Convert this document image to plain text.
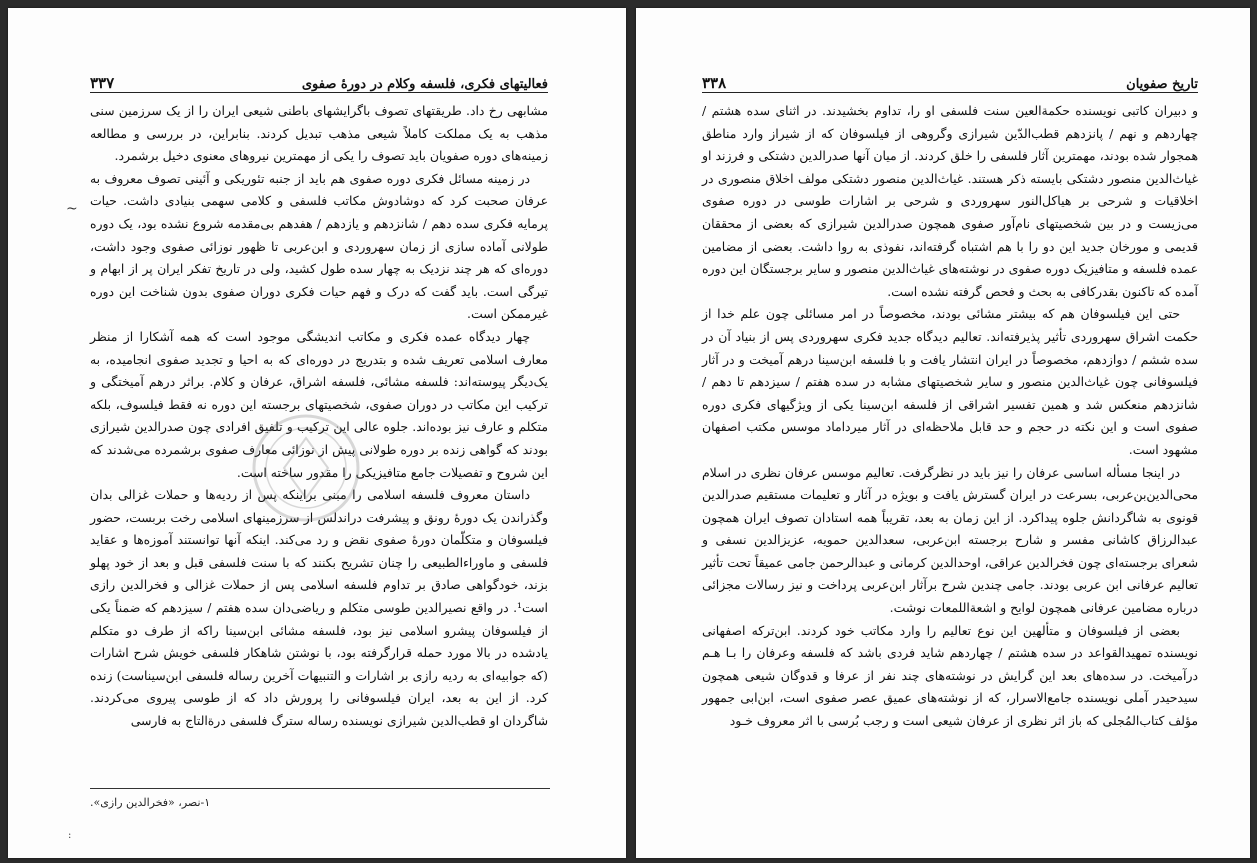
فعالیتهای فکری، فلسفه وکلام در دورهٔ صفوی
۳۳۷

مشابهی رخ داد. طریقتهای تصوف باگرایشهای باطنی شیعی ایران را از یک سرزمین سنی مذهب به یک مملکت کاملاً شیعی مذهب تبدیل کردند. بنابراین، در بررسی و مطالعه زمینه‌های دوره صفویان باید تصوف را یکی از مهمترین نیروهای معنوی دخیل برشمرد.

در زمینه مسائل فکری دوره صفوی هم باید از جنبه تئوریکی و آئینی تصوف معروف به عرفان صحبت کرد که دوشادوش مکاتب فلسفی و کلامی سهمی بنیادی داشت. حیات پرمایه فکری سده دهم / شانزدهم و یازدهم / هفدهم بی‌مقدمه شروع نشده بود، یک دوره طولانی آماده سازی از زمان سهروردی و ابن‌عربی تا ظهور نوزائی صفوی وجود داشت، دوره‌ای که هر چند نزدیک به چهار سده طول کشید، ولی در تاریخ تفکر ایران پر از ابهام و تیرگی است. باید گفت که درک و فهم حیات فکری دوران صفوی بدون شناخت این دوره غیرممکن است.

چهار دیدگاه عمده فکری و مکاتب اندیشگی موجود است که همه آشکارا از منظر معارف اسلامی تعریف شده و بتدریج در دوره‌ای که به احیا و تجدید صفوی انجامیده، به یک‌دیگر پیوسته‌اند: فلسفه مشائی، فلسفه اشراق، عرفان و کلام. براثر درهم آمیختگی و ترکیب این مکاتب در دوران صفوی، شخصیتهای برجسته این دوره نه فقط فیلسوف، بلکه متکلم و عارف نیز بوده‌اند. جلوه عالی این ترکیب و تلفیق افرادی چون صدرالدین شیرازی بودند که گواهی زنده بر دوره طولانی پیش از نوزائی معارف صفوی برشمرده می‌شدند که این شروح و تفصیلات جامع متافیزیکی را مقدور ساخته است.

داستان معروف فلسفه اسلامی را مبنی براینکه پس از ردیه‌ها و حملات غزالی بدان وگذراندن یک دورهٔ رونق و پیشرفت دراندلس از سرزمینهای اسلامی رخت بربست، حضور فیلسوفان و متکلّمان دورهٔ صفوی نقض و رد می‌کند. اینکه آنها توانستند آموزه‌ها و عقاید فلسفی و ماوراءالطبیعی را چنان تشریح بکنند که با سنت فلسفی قبل و بعد از خود پهلو بزند، خودگواهی صادق بر تداوم فلسفه اسلامی پس از حملات غزالی و فخرالدین رازی است¹. در واقع نصیرالدین طوسی متکلم و ریاضی‌دان سده هفتم / سیزدهم که ضمناً یکی از فیلسوفان پیشرو اسلامی نیز بود، فلسفه مشائی ابن‌سینا راکه از طرف دو متکلم یادشده در بالا مورد حمله قرارگرفته بود، با نوشتن شاهکار فلسفی خویش شرح اشارات (که جوابیه‌ای به ردیه رازی بر اشارات و التنبیهات آخرین رساله فلسفی ابن‌سیناست) زنده کرد. از این به بعد، ایران فیلسوفانی را پرورش داد که از طوسی پیروی می‌کردند. شاگردان او قطب‌الدین شیرازی نویسنده رساله سترگ فلسفی درةالتاج به فارسی

۱-نصر، «فخرالدین رازی».
~
:
تاریخ صفویان
۳۳۸

و دبیران کاتبی نویسنده حکمةالعین سنت فلسفی او را، تداوم بخشیدند. در اثنای سده هشتم / چهاردهم و نهم / پانزدهم قطب‌الدّین شیرازی وگروهی از فیلسوفان که از شیراز وارد مناطق همجوار شده بودند، مهمترین آثار فلسفی را خلق کردند. از میان آنها صدرالدین دشتکی و فرزند او غیاث‌الدین منصور دشتکی بایسته ذکر هستند. غیاث‌الدین منصور دشتکی مولف اخلاق منصوری در اخلاقیات و شرحی بر هیاکل‌النور سهروردی و شرحی بر اشارات طوسی در دوره صفوی می‌زیست و در بین شخصیتهای نام‌آور صفوی همچون صدرالدین شیرازی که بعضی از محققان قدیمی و مورخان جدید این دو را با هم اشتباه گرفته‌اند، نفوذی به روا داشت. بعضی از مضامین عمده فلسفه و متافیزیک دوره صفوی در نوشته‌های غیاث‌الدین منصور و سایر برجستگان این دوره آمده که تاکنون بقدرکافی به بحث و فحص گرفته نشده است.

حتی این فیلسوفان هم که بیشتر مشائی بودند، مخصوصاً در امر مسائلی چون علم خدا از حکمت اشراق سهروردی تأثیر پذیرفته‌اند. تعالیم دیدگاه جدید فکری سهروردی پس از بنیاد آن در سده ششم / دوازدهم، مخصوصاً در ایران انتشار یافت و با فلسفه ابن‌سینا درهم آمیخت و در آثار فیلسوفانی چون غیاث‌الدین منصور و سایر شخصیتهای مشابه در سده هفتم / سیزدهم تا دهم / شانزدهم منعکس شد و همین تفسیر اشراقی از فلسفه ابن‌سینا یکی از ویژگیهای فکری دوره صفوی است و این نکته در حجم و حد قابل ملاحظه‌ای در آثار میرداماد موسس مکتب اصفهان مشهود است.

در اینجا مسأله اساسی عرفان را نیز باید در نظرگرفت. تعالیم موسس عرفان نظری در اسلام محی‌الدین‌بن‌عربی، بسرعت در ایران گسترش یافت و بویژه در آثار و تعلیمات مستقیم صدرالدین قونوی به شاگردانش جلوه پیداکرد. از این زمان به بعد، تقریباً همه استادان تصوف ایران همچون عبدالرزاق کاشانی مفسر و شارح برجسته ابن‌عربی، سعدالدین حمویه، عزیزالدین نسفی و شعرای برجسته‌ای چون فخرالدین عراقی، اوحدالدین کرمانی و عبدالرحمن جامی عمیقاً تحت تأثیر تعالیم عرفانی ابن عربی بودند. جامی چندین شرح برآثار ابن‌عربی پرداخت و نیز رسالات مجزائی درباره مضامین عرفانی همچون لوایح و اشعةاللمعات نوشت.

بعضی از فیلسوفان و متألهین این نوع تعالیم را وارد مکاتب خود کردند. ابن‌ترکه اصفهانی نویسنده تمهیدالقواعد در سده هشتم / چهاردهم شاید فردی باشد که فلسفه وعرفان را بـا هـم درآمیخت. در سده‌های بعد این گرایش در نوشته‌های چند نفر از عرفا و قدوگان شیعی همچون سیدحیدر آملی نویسنده جامع‌الاسرار، که از نوشته‌های عمیق عصر صفوی است، ابن‌ابی جمهور مؤلف کتاب‌المُجلی که باز اثر نظری از عرفان شیعی است و رجب بُرسی با اثر معروف خـود
